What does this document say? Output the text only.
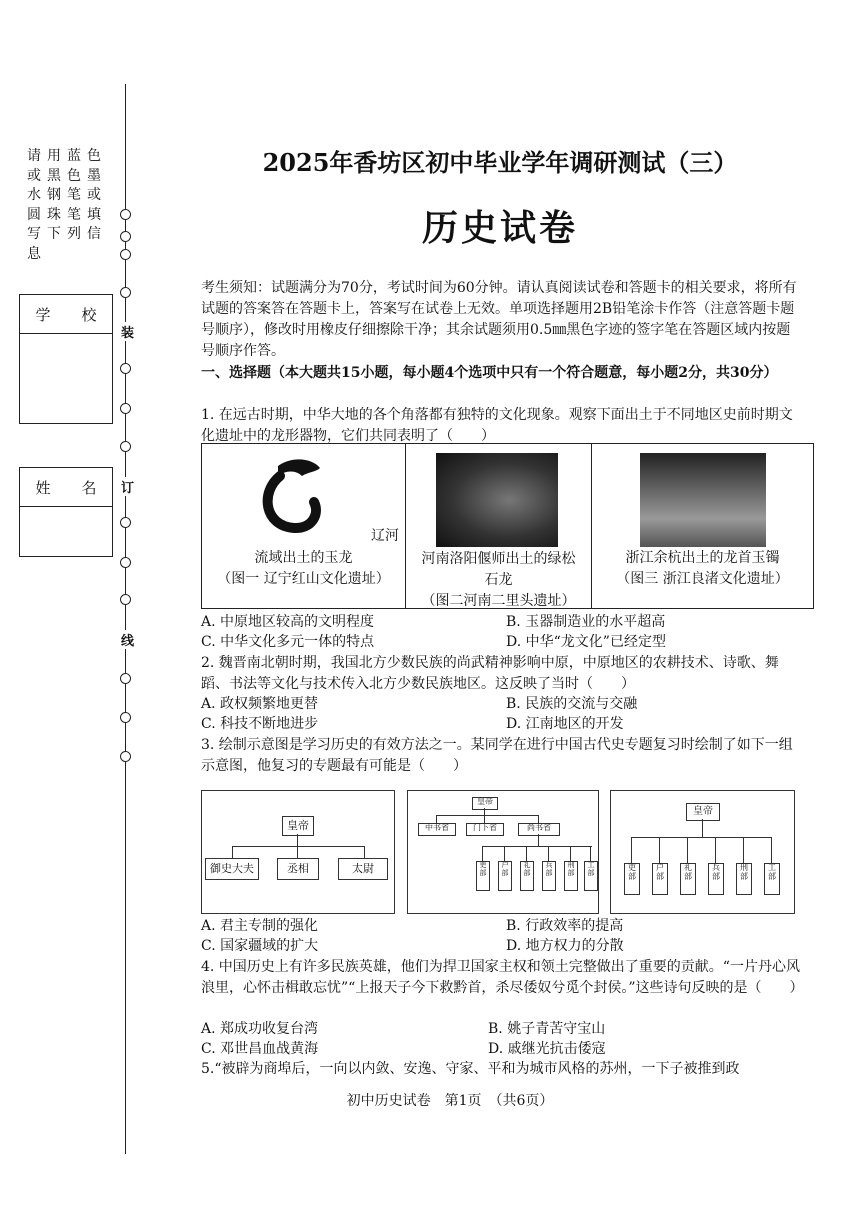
请用蓝色或黑色墨水钢笔或圆珠笔填写下列信息
学 校
姓 名
装
订
线
2025年香坊区初中毕业学年调研测试（三）
历史试卷
考生须知：试题满分为70分，考试时间为60分钟。请认真阅读试卷和答题卡的相关要求，将所有试题的答案答在答题卡上，答案写在试卷上无效。单项选择题用2B铅笔涂卡作答（注意答题卡题号顺序），修改时用橡皮仔细擦除干净；其余试题须用0.5㎜黑色字迹的签字笔在答题区域内按题号顺序作答。
一、选择题（本大题共15小题，每小题4个选项中只有一个符合题意，每小题2分，共30分）
1. 在远古时期，中华大地的各个角落都有独特的文化现象。观察下面出土于不同地区史前时期文化遗址中的龙形器物，它们共同表明了（　　）
辽河
流域出土的玉龙
（图一 辽宁红山文化遗址）

河南洛阳偃师出土的绿松
石龙
（图二河南二里头遗址）

浙江余杭出土的龙首玉镯
（图三 浙江良渚文化遗址）
A. 中原地区较高的文明程度	B. 玉器制造业的水平超高
C. 中华文化多元一体的特点	D. 中华“龙文化”已经定型
2. 魏晋南北朝时期，我国北方少数民族的尚武精神影响中原，中原地区的农耕技术、诗歌、舞蹈、书法等文化与技术传入北方少数民族地区。这反映了当时（　　）
A. 政权频繁地更替	B. 民族的交流与交融
C. 科技不断地进步	D. 江南地区的开发
3. 绘制示意图是学习历史的有效方法之一。某同学在进行中国古代史专题复习时绘制了如下一组示意图，他复习的专题最有可能是（　　）
皇帝
御史大夫	丞相	太尉
皇帝
中书省	门下省	尚书省
吏部
户部
礼部
兵部
刑部
工部
皇帝
吏部
户部
礼部
兵部
刑部
工部
A. 君主专制的强化	B. 行政效率的提高
C. 国家疆域的扩大	D. 地方权力的分散
4. 中国历史上有许多民族英雄，他们为捍卫国家主权和领土完整做出了重要的贡献。“一片丹心风浪里，心怀击楫敢忘忧”“上报天子今下救黔首，杀尽倭奴兮觅个封侯。”这些诗句反映的是（　　）
A. 郑成功收复台湾	B. 姚子青苦守宝山
C. 邓世昌血战黄海	D. 戚继光抗击倭寇
5.“被辟为商埠后，一向以内敛、安逸、守家、平和为城市风格的苏州，一下子被推到政
初中历史试卷　第1页　（共6页）
